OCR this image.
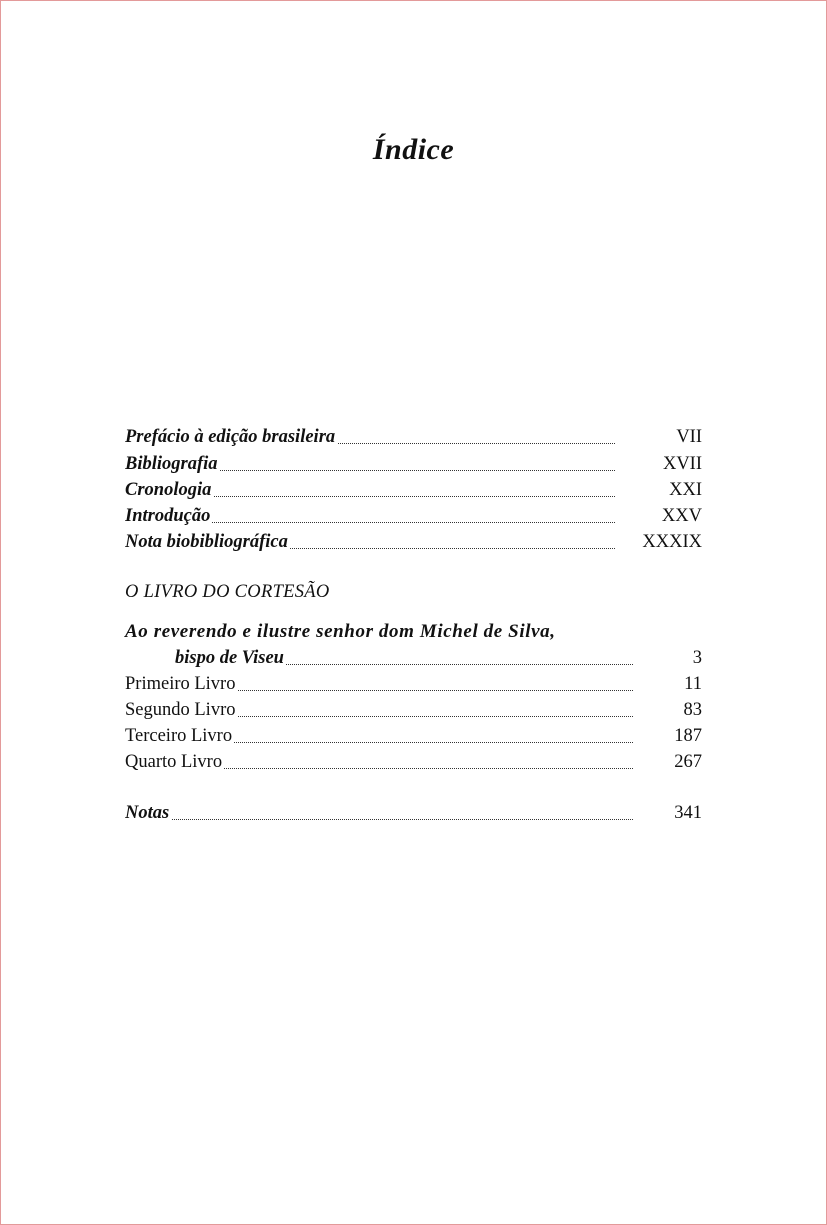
Índice
Prefácio à edição brasileira	VII
Bibliografia	XVII
Cronologia	XXI
Introdução	XXV
Nota biobibliográfica	XXXIX
O LIVRO DO CORTESÃO
Ao reverendo e ilustre senhor dom Michel de Silva,
bispo de Viseu	3
Primeiro Livro	11
Segundo Livro	83
Terceiro Livro	187
Quarto Livro	267
Notas	341
